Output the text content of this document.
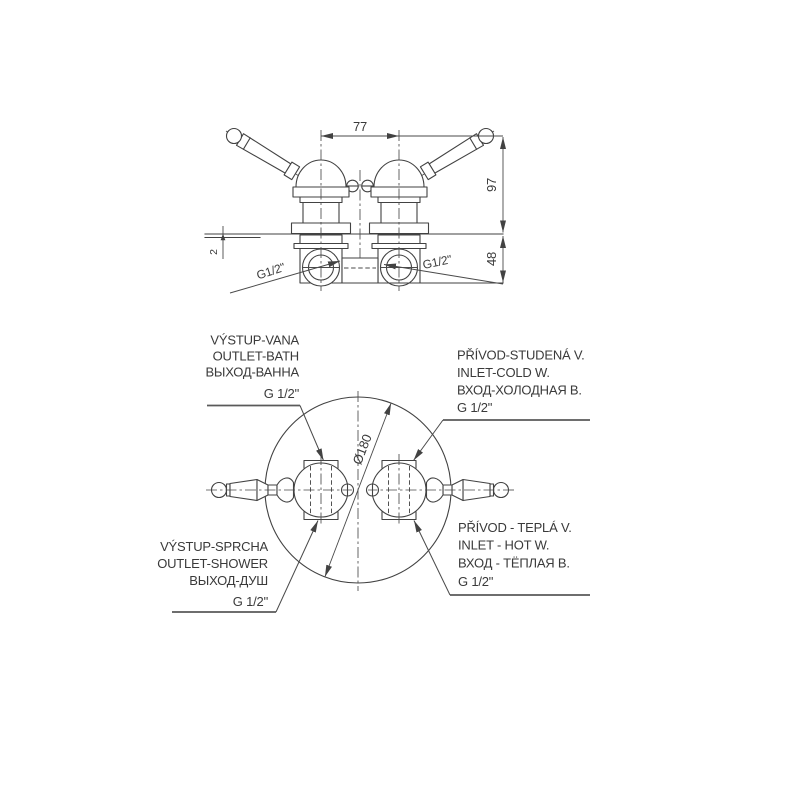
77
97
48
2
G1/2"	G1/2"
Ø180
VÝSTUP-VANA
OUTLET-BATH
ВЫХОД-ВАННА
G 1/2"
PŘÍVOD-STUDENÁ V.
INLET-COLD W.
ВХОД-ХОЛОДНАЯ В.
G 1/2"
VÝSTUP-SPRCHA
OUTLET-SHOWER
ВЫХОД-ДУШ
G 1/2"
PŘÍVOD - TEPLÁ V.
INLET - HOT W.
ВХОД - ТЁПЛАЯ В.
G 1/2"
